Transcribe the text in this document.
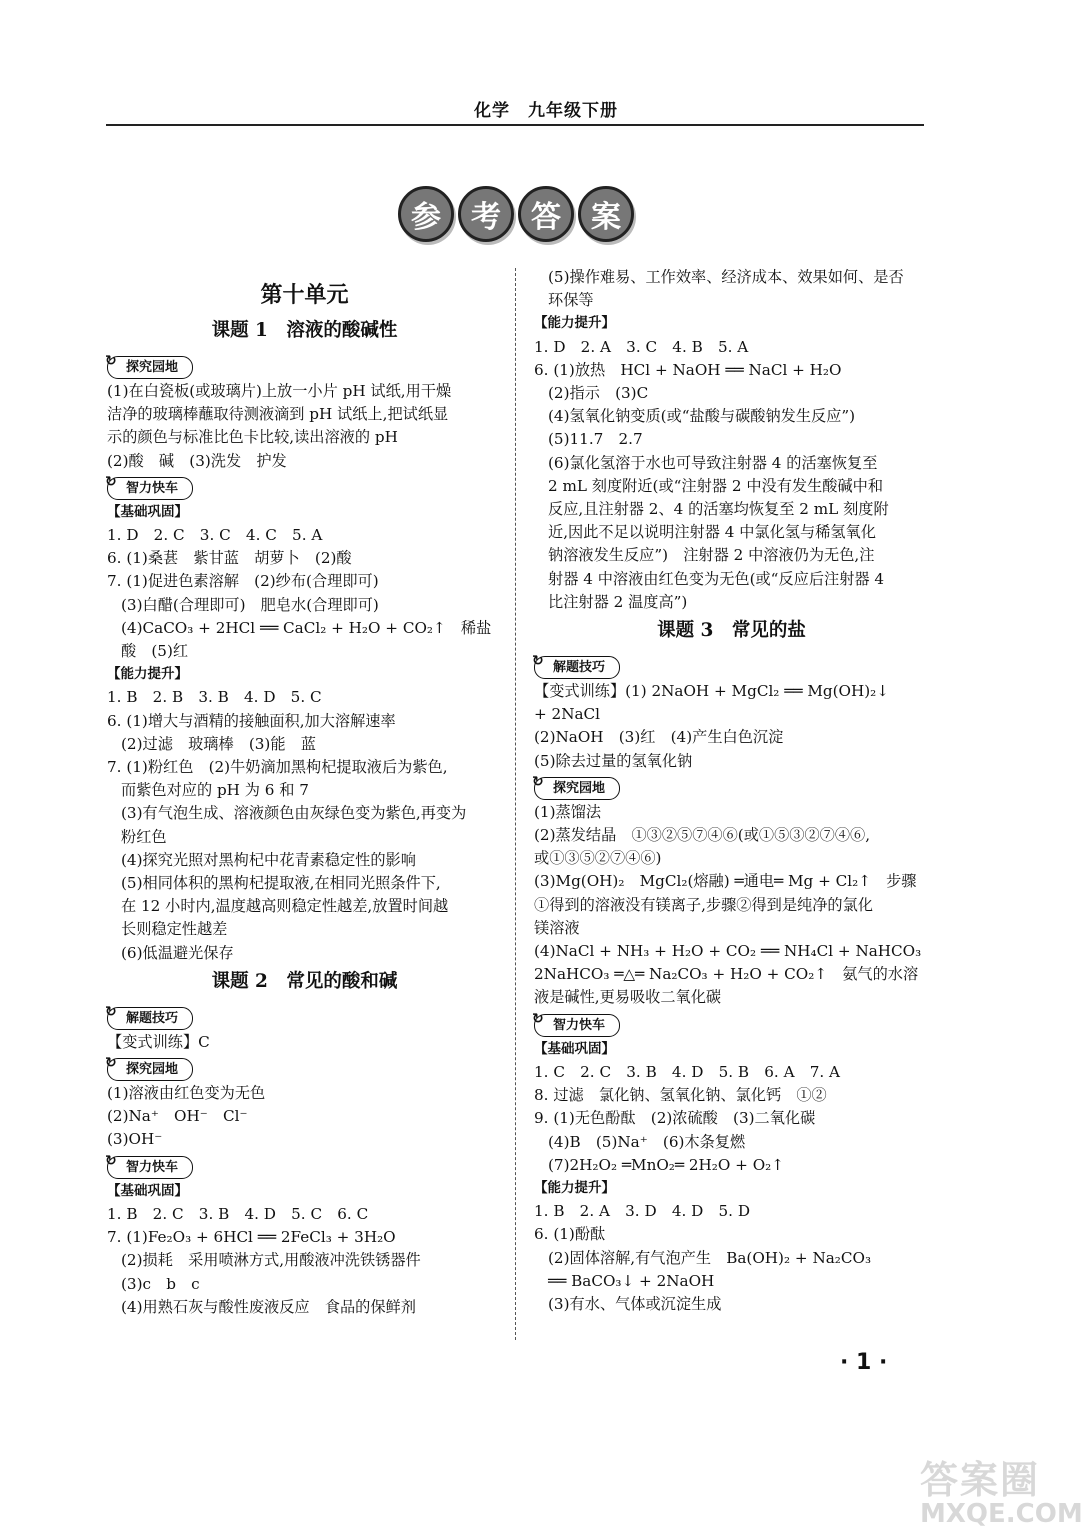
化学　九年级下册
参	考	答	案
第十单元
课题 1　溶液的酸碱性
↻ 探究园地
(1)在白瓷板(或玻璃片)上放一小片 pH 试纸,用干燥
洁净的玻璃棒蘸取待测液滴到 pH 试纸上,把试纸显
示的颜色与标准比色卡比较,读出溶液的 pH
(2)酸　碱　(3)洗发　护发
↻ 智力快车
【基础巩固】
1. D　2. C　3. C　4. C　5. A
6. (1)桑葚　紫甘蓝　胡萝卜　(2)酸
7. (1)促进色素溶解　(2)纱布(合理即可)
(3)白醋(合理即可)　肥皂水(合理即可)
(4)CaCO₃ + 2HCl ══ CaCl₂ + H₂O + CO₂↑　稀盐
酸　(5)红
【能力提升】
1. B　2. B　3. B　4. D　5. C
6. (1)增大与酒精的接触面积,加大溶解速率
(2)过滤　玻璃棒　(3)能　蓝
7. (1)粉红色　(2)牛奶滴加黑枸杞提取液后为紫色,
而紫色对应的 pH 为 6 和 7
(3)有气泡生成、溶液颜色由灰绿色变为紫色,再变为
粉红色
(4)探究光照对黑枸杞中花青素稳定性的影响
(5)相同体积的黑枸杞提取液,在相同光照条件下,
在 12 小时内,温度越高则稳定性越差,放置时间越
长则稳定性越差
(6)低温避光保存
课题 2　常见的酸和碱
↻ 解题技巧
【变式训练】C
↻ 探究园地
(1)溶液由红色变为无色
(2)Na⁺　OH⁻　Cl⁻
(3)OH⁻
↻ 智力快车
【基础巩固】
1. B　2. C　3. B　4. D　5. C　6. C
7. (1)Fe₂O₃ + 6HCl ══ 2FeCl₃ + 3H₂O
(2)损耗　采用喷淋方式,用酸液冲洗铁锈器件
(3)c　b　c
(4)用熟石灰与酸性废液反应　食品的保鲜剂
(5)操作难易、工作效率、经济成本、效果如何、是否
环保等
【能力提升】
1. D　2. A　3. C　4. B　5. A
6. (1)放热　HCl + NaOH ══ NaCl + H₂O
(2)指示　(3)C
(4)氢氧化钠变质(或“盐酸与碳酸钠发生反应”)
(5)11.7　2.7
(6)氯化氢溶于水也可导致注射器 4 的活塞恢复至
2 mL 刻度附近(或“注射器 2 中没有发生酸碱中和
反应,且注射器 2、4 的活塞均恢复至 2 mL 刻度附
近,因此不足以说明注射器 4 中氯化氢与稀氢氧化
钠溶液发生反应”)　注射器 2 中溶液仍为无色,注
射器 4 中溶液由红色变为无色(或“反应后注射器 4
比注射器 2 温度高”)
课题 3　常见的盐
↻ 解题技巧
【变式训练】(1) 2NaOH + MgCl₂ ══ Mg(OH)₂↓
+ 2NaCl
(2)NaOH　(3)红　(4)产生白色沉淀
(5)除去过量的氢氧化钠
↻ 探究园地
(1)蒸馏法
(2)蒸发结晶　①③②⑤⑦④⑥(或①⑤③②⑦④⑥,
或①③⑤②⑦④⑥)
(3)Mg(OH)₂　MgCl₂(熔融) ═通电═ Mg + Cl₂↑　步骤
①得到的溶液没有镁离子,步骤②得到是纯净的氯化
镁溶液
(4)NaCl + NH₃ + H₂O + CO₂ ══ NH₄Cl + NaHCO₃
2NaHCO₃ ═△═ Na₂CO₃ + H₂O + CO₂↑　氨气的水溶
液是碱性,更易吸收二氧化碳
↻ 智力快车
【基础巩固】
1. C　2. C　3. B　4. D　5. B　6. A　7. A
8. 过滤　氯化钠、氢氧化钠、氯化钙　①②
9. (1)无色酚酞　(2)浓硫酸　(3)二氧化碳
(4)B　(5)Na⁺　(6)木条复燃
(7)2H₂O₂ ═MnO₂═ 2H₂O + O₂↑
【能力提升】
1. B　2. A　3. D　4. D　5. D
6. (1)酚酞
(2)固体溶解,有气泡产生　Ba(OH)₂ + Na₂CO₃
══ BaCO₃↓ + 2NaOH
(3)有水、气体或沉淀生成
· 1 ·
答案圈
MXQE.COM
